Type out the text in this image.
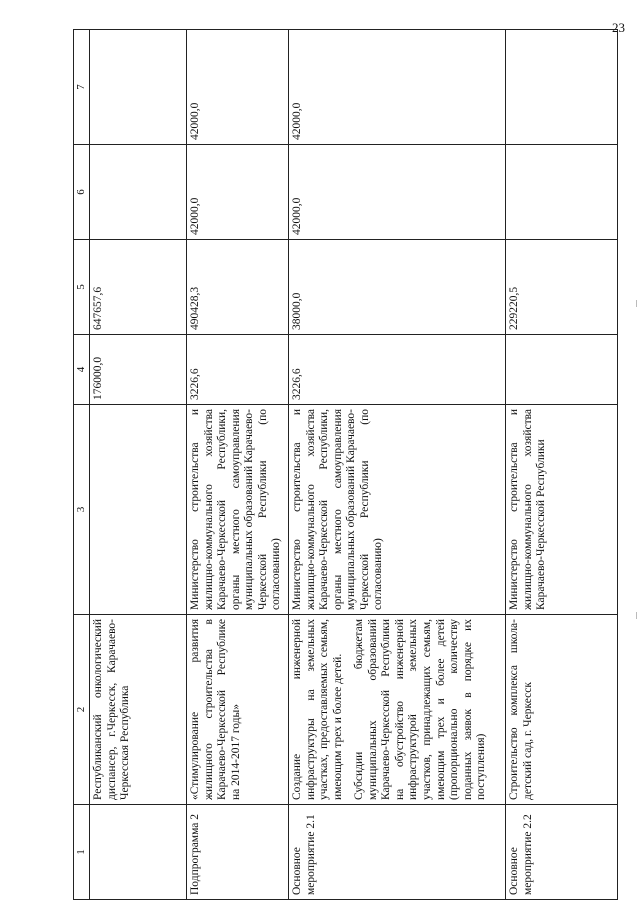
23
1	2	3	4	5	6	7

	Республиканский онкологический диспансер, г.Черкесск, Карачаево-Черкесская Республика		176000,0	647657,6		
Подпрограмма 2	«Стимулирование развития жилищного строительства в Карачаево-Черкесской Республике на 2014-2017 годы»	Министерство строительства и жилищно-коммунального хозяйства Карачаево-Черкесской Республики, органы местного самоуправления муниципальных образований Карачаево-Черкесской Республики (по согласованию)	3226,6	490428,3	42000,0	42000,0
Основное мероприятие 2.1	Создание инженерной инфраструктуры на земельных участках, предоставляемых семьям, имеющим трех и более детей. Субсидии бюджетам муниципальных образований Карачаево-Черкесской Республики на обустройство инженерной инфраструктурой земельных участков, принадлежащих семьям, имеющим трех и более детей (пропорционально количеству поданных заявок в порядке их поступления)	Министерство строительства и жилищно-коммунального хозяйства Карачаево-Черкесской Республики, органы местного самоуправления муниципальных образований Карачаево-Черкесской Республики (по согласованию)	3226,6	38000,0	42000,0	42000,0
Основное мероприятие 2.2	Строительство комплекса школа-детский сад, г. Черкесск	Министерство строительства и жилищно-коммунального хозяйства Карачаево-Черкесской Республики		229220,5		
